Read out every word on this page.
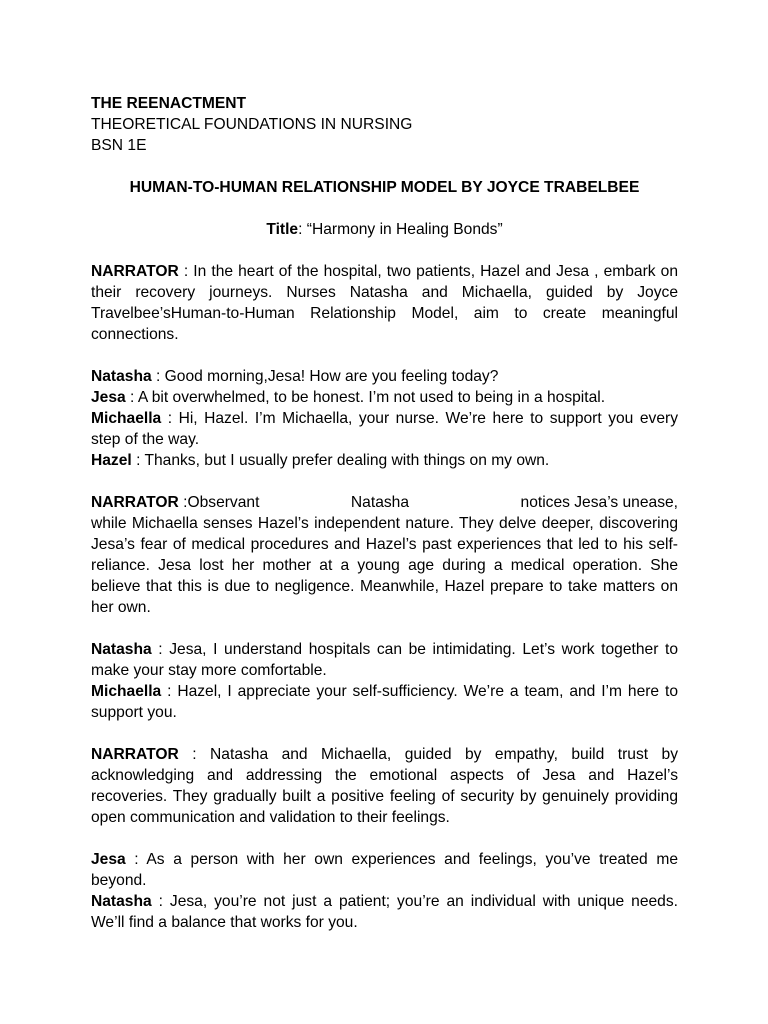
THE REENACTMENT

THEORETICAL FOUNDATIONS IN NURSING

BSN 1E

HUMAN-TO-HUMAN RELATIONSHIP MODEL BY JOYCE TRABELBEE

Title: “Harmony in Healing Bonds”

NARRATOR : In the heart of the hospital, two patients, Hazel and Jesa , embark on their recovery journeys. Nurses Natasha and Michaella, guided by Joyce Travelbee’sHuman-to-Human Relationship Model, aim to create meaningful connections.

Natasha : Good morning,Jesa! How are you feeling today?

Jesa : A bit overwhelmed, to be honest. I’m not used to being in a hospital.

Michaella : Hi, Hazel. I’m Michaella, your nurse. We’re here to support you every step of the way.

Hazel : Thanks, but I usually prefer dealing with things on my own.

NARRATOR :Observant	Natasha	notices Jesa’s unease,

while Michaella senses Hazel’s independent nature. They delve deeper, discovering Jesa’s fear of medical procedures and Hazel’s past experiences that led to his self-reliance. Jesa lost her mother at a young age during a medical operation. She believe that this is due to negligence. Meanwhile, Hazel prepare to take matters on her own.

Natasha : Jesa, I understand hospitals can be intimidating. Let’s work together to make your stay more comfortable.

Michaella : Hazel, I appreciate your self-sufficiency. We’re a team, and I’m here to support you.

NARRATOR : Natasha and Michaella, guided by empathy, build trust by acknowledging and addressing the emotional aspects of Jesa and Hazel’s recoveries. They gradually built a positive feeling of security by genuinely providing open communication and validation to their feelings.

Jesa : As a person with her own experiences and feelings, you’ve treated me beyond.

Natasha : Jesa, you’re not just a patient; you’re an individual with unique needs. We’ll find a balance that works for you.
